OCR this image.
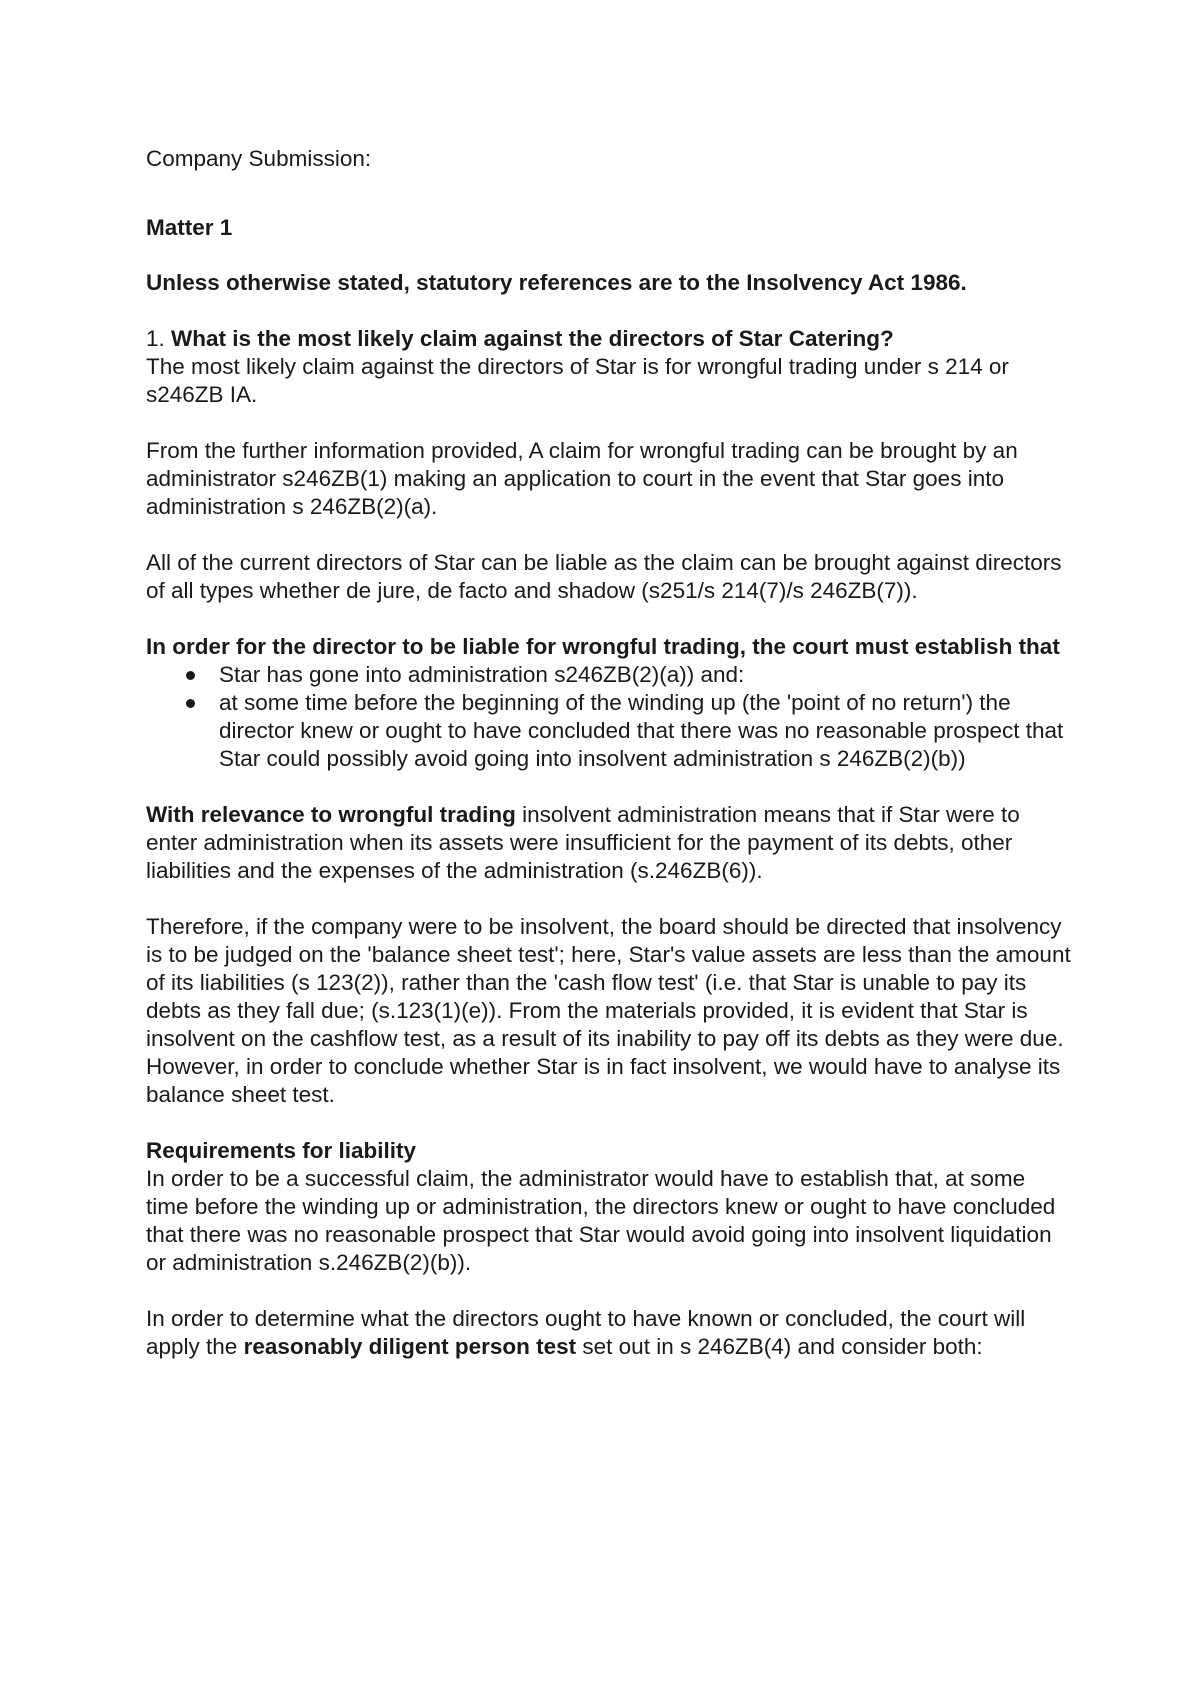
Company Submission:

Matter 1

Unless otherwise stated, statutory references are to the Insolvency Act 1986.

1. What is the most likely claim against the directors of Star Catering?

The most likely claim against the directors of Star is for wrongful trading under s 214 or s246ZB IA.

From the further information provided, A claim for wrongful trading can be brought by an administrator s246ZB(1) making an application to court in the event that Star goes into administration s 246ZB(2)(a).

All of the current directors of Star can be liable as the claim can be brought against directors of all types whether de jure, de facto and shadow (s251/s 214(7)/s 246ZB(7)).

In order for the director to be liable for wrongful trading, the court must establish that

Star has gone into administration s246ZB(2)(a)) and:
at some time before the beginning of the winding up (the 'point of no return') the director knew or ought to have concluded that there was no reasonable prospect that Star could possibly avoid going into insolvent administration s 246ZB(2)(b))

With relevance to wrongful trading insolvent administration means that if Star were to enter administration when its assets were insufficient for the payment of its debts, other liabilities and the expenses of the administration (s.246ZB(6)).

Therefore, if the company were to be insolvent, the board should be directed that insolvency is to be judged on the 'balance sheet test'; here, Star's value assets are less than the amount of its liabilities (s 123(2)), rather than the 'cash flow test' (i.e. that Star is unable to pay its debts as they fall due; (s.123(1)(e)). From the materials provided, it is evident that Star is insolvent on the cashflow test, as a result of its inability to pay off its debts as they were due. However, in order to conclude whether Star is in fact insolvent, we would have to analyse its balance sheet test.

Requirements for liability

In order to be a successful claim, the administrator would have to establish that, at some time before the winding up or administration, the directors knew or ought to have concluded that there was no reasonable prospect that Star would avoid going into insolvent liquidation or administration s.246ZB(2)(b)).

In order to determine what the directors ought to have known or concluded, the court will apply the reasonably diligent person test set out in s 246ZB(4) and consider both:
